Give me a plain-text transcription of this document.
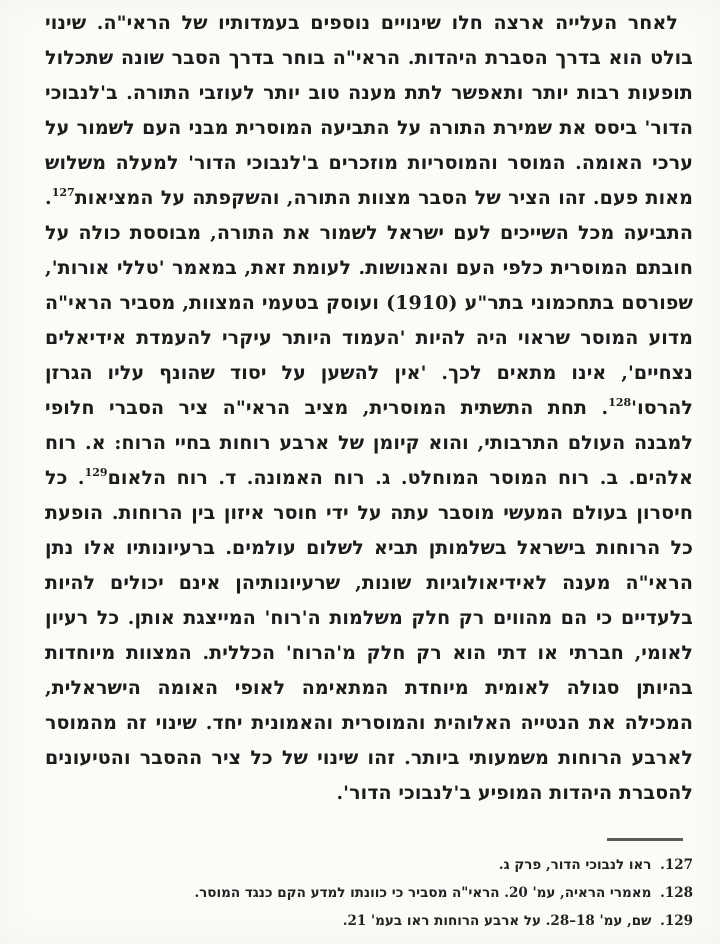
לאחר העלייה ארצה חלו שינויים נוספים בעמדותיו של הראי"ה. שינוי
בולט הוא בדרך הסברת היהדות. הראי"ה בוחר בדרך הסבר שונה שתכלול
תופעות רבות יותר ותאפשר לתת מענה טוב יותר לעוזבי התורה. ב'לנבוכי
הדור' ביסס את שמירת התורה על התביעה המוסרית מבני העם לשמור על
ערכי האומה. המוסר והמוסריות מוזכרים ב'לנבוכי הדור' למעלה משלוש
מאות פעם. זהו הציר של הסבר מצוות התורה, והשקפתה על המציאות$^{127}$.
התביעה מכל השייכים לעם ישראל לשמור את התורה, מבוססת כולה על
חובתם המוסרית כלפי העם והאנושות. לעומת זאת, במאמר 'טללי אורות',
שפורסם בתחכמוני בתר"ע (1910) ועוסק בטעמי המצוות, מסביר הראי"ה
מדוע המוסר שראוי היה להיות 'העמוד היותר עיקרי להעמדת אידיאלים
נצחיים', אינו מתאים לכך. 'אין להשען על יסוד שהונף עליו הגרזן
להרסו'$^{128}$. תחת התשתית המוסרית, מציב הראי"ה ציר הסברי חלופי
למבנה העולם התרבותי, והוא קיומן של ארבע רוחות בחיי הרוח: א. רוח
אלהים. ב. רוח המוסר המוחלט. ג. רוח האמונה. ד. רוח הלאום$^{129}$. כל
חיסרון בעולם המעשי מוסבר עתה על ידי חוסר איזון בין הרוחות. הופעת
כל הרוחות בישראל בשלמותן תביא לשלום עולמים. ברעיונותיו אלו נתן
הראי"ה מענה לאידיאולוגיות שונות, שרעיונותיהן אינם יכולים להיות
בלעדיים כי הם מהווים רק חלק משלמות ה'רוח' המייצגת אותן. כל רעיון
לאומי, חברתי או דתי הוא רק חלק מ'הרוח' הכללית. המצוות מיוחדות
בהיותן סגולה לאומית מיוחדת המתאימה לאופי האומה הישראלית,
המכילה את הנטייה האלוהית והמוסרית והאמונית יחד. שינוי זה מהמוסר
לארבע הרוחות משמעותי ביותר. זהו שינוי של כל ציר ההסבר והטיעונים
להסברת היהדות המופיע ב'לנבוכי הדור'.
127. ראו לנבוכי הדור, פרק ג.
128. מאמרי הראיה, עמ' 20. הראי"ה מסביר כי כוונתו למדע הקם כנגד המוסר.
129. שם, עמ' 18–28. על ארבע הרוחות ראו בעמ' 21.
